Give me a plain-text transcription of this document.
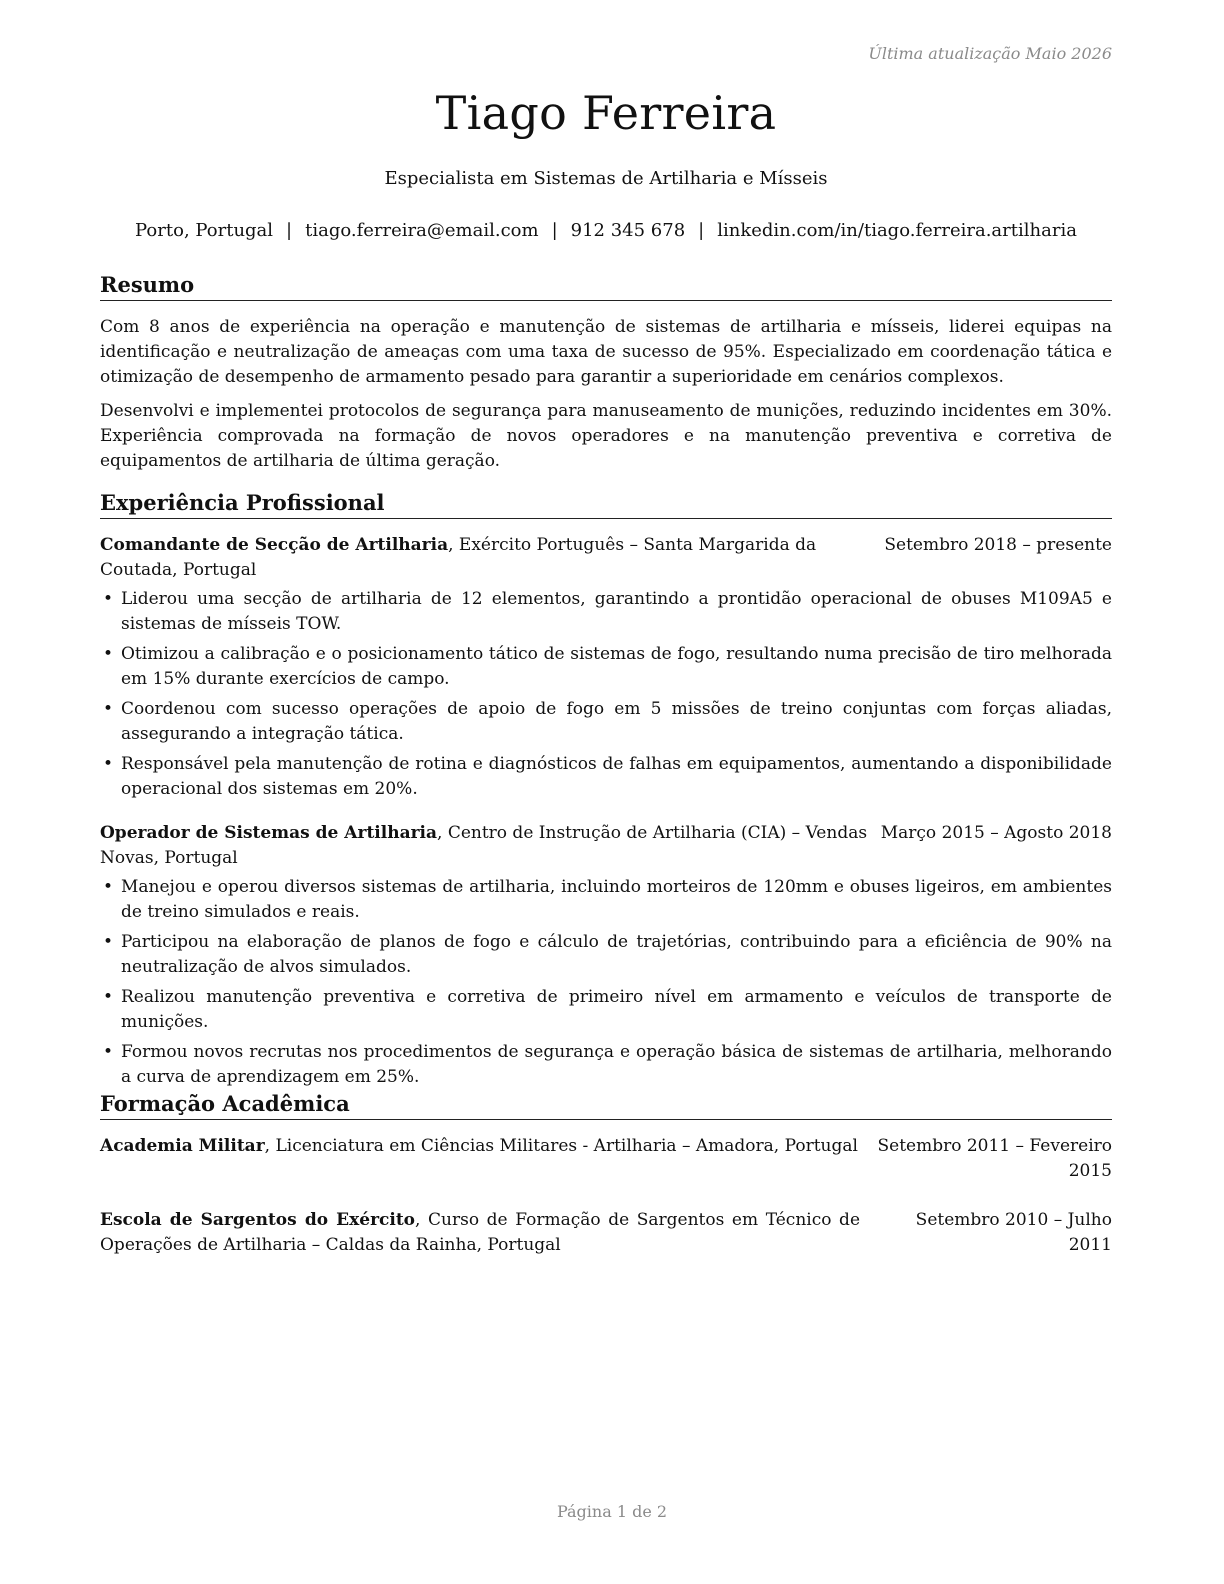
Última atualização Maio 2026
Tiago Ferreira
Especialista em Sistemas de Artilharia e Mísseis
Porto, Portugal | tiago.ferreira@email.com | 912 345 678 | linkedin.com/in/tiago.ferreira.artilharia
Resumo

Com 8 anos de experiência na operação e manutenção de sistemas de artilharia e mísseis, liderei equipas na identificação e neutralização de ameaças com uma taxa de sucesso de 95%. Especializado em coordenação tática e otimização de desempenho de armamento pesado para garantir a superioridade em cenários complexos.

Desenvolvi e implementei protocolos de segurança para manuseamento de munições, reduzindo incidentes em 30%. Experiência comprovada na formação de novos operadores e na manutenção preventiva e corretiva de equipamentos de artilharia de última geração.

Experiência Profissional
Setembro 2018 – presente
Comandante de Secção de Artilharia, Exército Português – Santa Margarida da Coutada, Portugal
• Liderou uma secção de artilharia de 12 elementos, garantindo a prontidão operacional de obuses M109A5 e sistemas de mísseis TOW.
• Otimizou a calibração e o posicionamento tático de sistemas de fogo, resultando numa precisão de tiro melhorada em 15% durante exercícios de campo.
• Coordenou com sucesso operações de apoio de fogo em 5 missões de treino conjuntas com forças aliadas, assegurando a integração tática.
• Responsável pela manutenção de rotina e diagnósticos de falhas em equipamentos, aumentando a disponibilidade operacional dos sistemas em 20%.
Março 2015 – Agosto 2018
Operador de Sistemas de Artilharia, Centro de Instrução de Artilharia (CIA) – Vendas Novas, Portugal
• Manejou e operou diversos sistemas de artilharia, incluindo morteiros de 120mm e obuses ligeiros, em ambientes de treino simulados e reais.
• Participou na elaboração de planos de fogo e cálculo de trajetórias, contribuindo para a eficiência de 90% na neutralização de alvos simulados.
• Realizou manutenção preventiva e corretiva de primeiro nível em armamento e veículos de transporte de munições.
• Formou novos recrutas nos procedimentos de segurança e operação básica de sistemas de artilharia, melhorando a curva de aprendizagem em 25%.
Formação Acadêmica
Academia Militar, Licenciatura em Ciências Militares - Artilharia – Amadora, Portugal	Setembro 2011 – Fevereiro 2015
Escola de Sargentos do Exército, Curso de Formação de Sargentos em Técnico de Operações de Artilharia – Caldas da Rainha, Portugal
Setembro 2010 – Julho 2011
Página 1 de 2
